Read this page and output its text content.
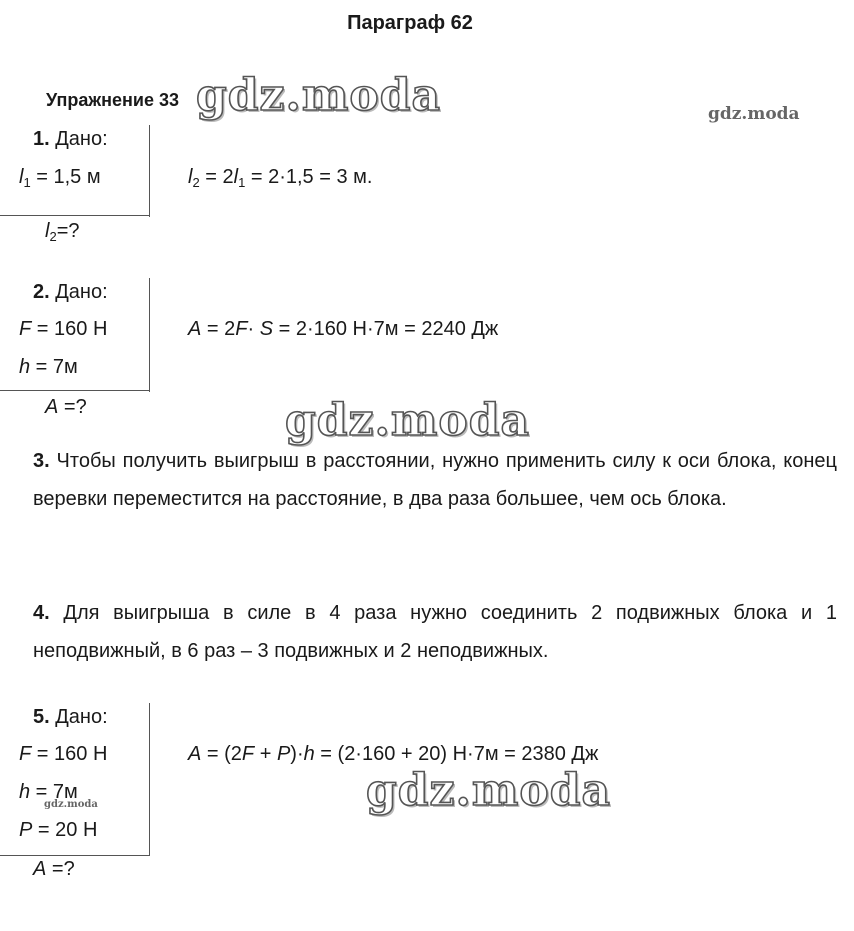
Параграф 62
Упражнение 33 gdz.moda	gdz.moda
gdz.moda
gdz.moda
gdz.moda
1. Дано:
$l_1 = 1,5$ м
$l_2=$?
$l_2 = 2l_1 = 2\cdot 1,5 = 3$ м.
2. Дано:
F = 160 Н
h = 7м
A =?
A = 2F· S = 2·160 Н·7м = 2240 Дж
3. Чтобы получить выигрыш в расстоянии, нужно применить силу к оси блока, конец веревки переместится на расстояние, в два раза большее, чем ось блока.
4. Для выигрыша в силе в 4 раза нужно соединить 2 подвижных блока и 1 неподвижный, в 6 раз – 3 подвижных и 2 неподвижных.
5. Дано:
F = 160 Н
h = 7м
P = 20 Н
A =?
A = (2F + P)·h = (2·160 + 20) Н·7м = 2380 Дж
